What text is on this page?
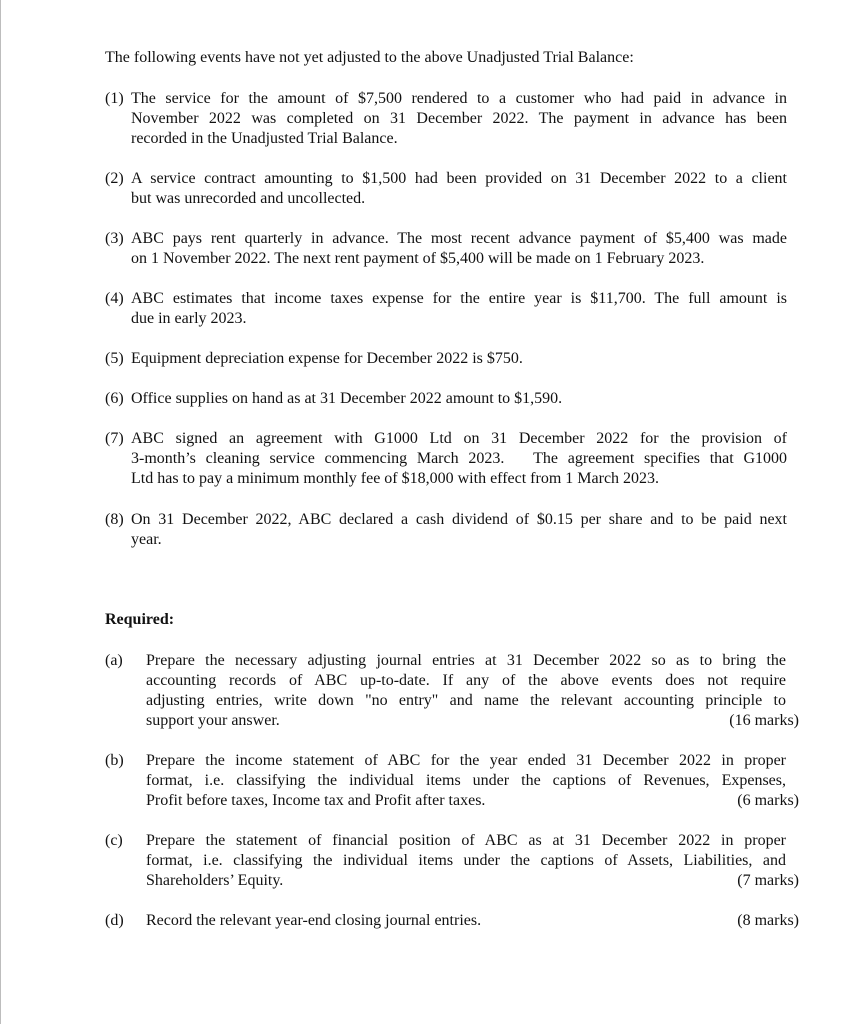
The following events have not yet adjusted to the above Unadjusted Trial Balance:
(1) The service for the amount of $7,500 rendered to a customer who had paid in advance in
November 2022 was completed on 31 December 2022. The payment in advance has been
recorded in the Unadjusted Trial Balance.
(2) A service contract amounting to $1,500 had been provided on 31 December 2022 to a client
but was unrecorded and uncollected.
(3) ABC pays rent quarterly in advance. The most recent advance payment of $5,400 was made
on 1 November 2022. The next rent payment of $5,400 will be made on 1 February 2023.
(4) ABC estimates that income taxes expense for the entire year is $11,700. The full amount is
due in early 2023.
(5) Equipment depreciation expense for December 2022 is $750.
(6) Office supplies on hand as at 31 December 2022 amount to $1,590.
(7) ABC signed an agreement with G1000 Ltd on 31 December 2022 for the provision of
3-month’s cleaning service commencing March 2023.   The agreement specifies that G1000
Ltd has to pay a minimum monthly fee of $18,000 with effect from 1 March 2023.
(8) On 31 December 2022, ABC declared a cash dividend of $0.15 per share and to be paid next
year.
Required:
(a)	Prepare the necessary adjusting journal entries at 31 December 2022 so as to bring the
accounting records of ABC up-to-date. If any of the above events does not require
adjusting entries, write down "no entry" and name the relevant accounting principle to
support your answer.	(16 marks)
(b)	Prepare the income statement of ABC for the year ended 31 December 2022 in proper
format, i.e. classifying the individual items under the captions of Revenues, Expenses,
Profit before taxes, Income tax and Profit after taxes.	(6 marks)
(c)	Prepare the statement of financial position of ABC as at 31 December 2022 in proper
format, i.e. classifying the individual items under the captions of Assets, Liabilities, and
Shareholders’ Equity.	(7 marks)
(d)	Record the relevant year-end closing journal entries.	(8 marks)
